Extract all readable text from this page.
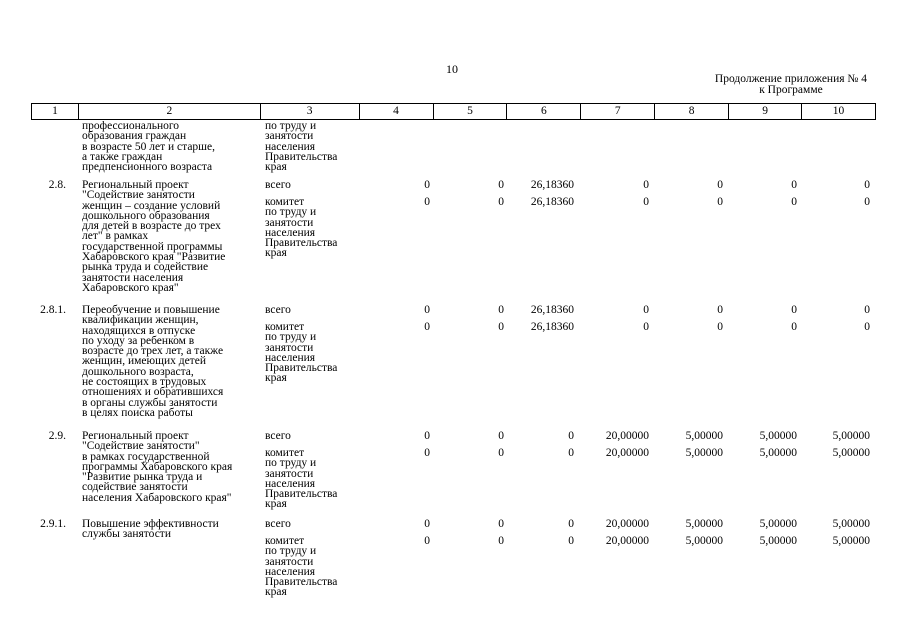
10
Продолжение приложения № 4
к Программе
1	2	3	4	5	6	7	8	9	10
профессионального
образования граждан
в возрасте 50 лет и старше,
а также граждан
предпенсионного возраста
по труду и
занятости
населения
Правительства
края
2.8. Региональный проект
"Содействие занятости
женщин – создание условий
дошкольного образования
для детей в возрасте до трех
лет" в рамках
государственной программы
Хабаровского края "Развитие
рынка труда и содействие
занятости населения
Хабаровского края"
всего	0	0	26,18360	0	0	0	0
комитет
по труду и
занятости
населения
Правительства
края
0	0	26,18360	0	0	0	0
2.8.1. Переобучение и повышение
квалификации женщин,
находящихся в отпуске
по уходу за ребенком в
возрасте до трех лет, а также
женщин, имеющих детей
дошкольного возраста,
не состоящих в трудовых
отношениях и обратившихся
в органы службы занятости
в целях поиска работы
всего	0	0	26,18360	0	0	0	0
комитет
по труду и
занятости
населения
Правительства
края
0	0	26,18360	0	0	0	0
2.9. Региональный проект
"Содействие занятости"
в рамках государственной
программы Хабаровского края
"Развитие рынка труда и
содействие занятости
населения Хабаровского края"
всего	0	0	0	20,00000	5,00000	5,00000	5,00000
комитет
по труду и
занятости
населения
Правительства
края
0	0	0	20,00000	5,00000	5,00000	5,00000
2.9.1. Повышение эффективности
службы занятости
всего	0	0	0	20,00000	5,00000	5,00000	5,00000
комитет
по труду и
занятости
населения
Правительства
края
0	0	0	20,00000	5,00000	5,00000	5,00000
